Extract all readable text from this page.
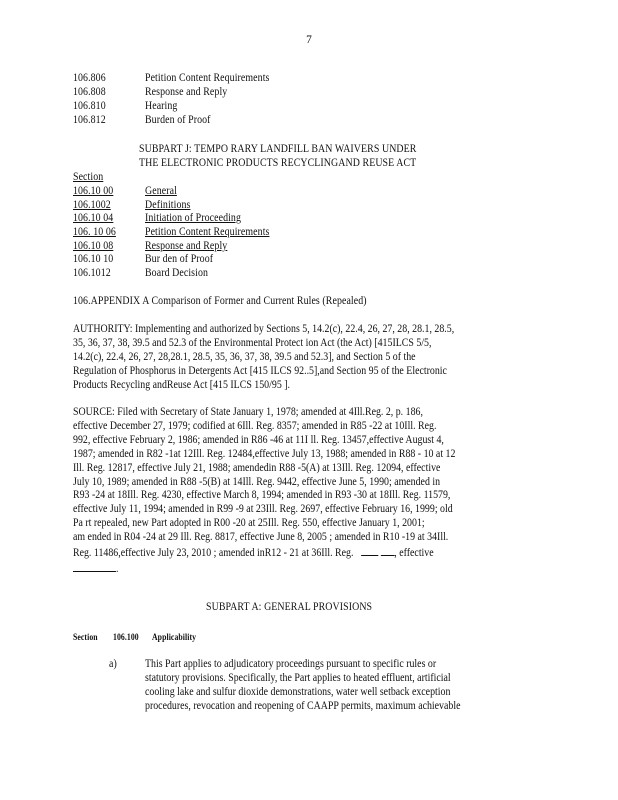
7
106.806	Petition Content Requirements
106.808	Response and Reply
106.810	Hearing
106.812	Burden of Proof
SUBPART J: TEMPO RARY LANDFILL BAN WAIVERS UNDER
THE ELECTRONIC PRODUCTS RECYCLINGAND REUSE ACT
Section
106.10 00	General
106.1002	Definitions
106.10 04	Initiation of Proceeding
106. 10 06	Petition Content Requirements
106.10 08	Response and Reply
106.10 10	Bur den of Proof
106.1012	Board Decision
106.APPENDIX A Comparison of Former and Current Rules (Repealed)
AUTHORITY: Implementing and authorized by Sections 5, 14.2(c), 22.4, 26, 27, 28, 28.1, 28.5,
35, 36, 37, 38, 39.5 and 52.3 of the Environmental Protect ion Act (the Act) [415ILCS 5/5,
14.2(c), 22.4, 26, 27, 28,28.1, 28.5, 35, 36, 37, 38, 39.5 and 52.3], and Section 5 of the
Regulation of Phosphorus in Detergents Act [415 ILCS 92..5],and Section 95 of the Electronic
Products Recycling andReuse Act [415 ILCS 150/95 ].
SOURCE: Filed with Secretary of State January 1, 1978; amended at 4Ill.Reg. 2, p. 186,
effective December 27, 1979; codified at 6Ill. Reg. 8357; amended in R85 -22 at 10Ill. Reg.
992, effective February 2, 1986; amended in R86 -46 at 11I ll. Reg. 13457,effective August 4,
1987; amended in R82 -1at 12Ill. Reg. 12484,effective July 13, 1988; amended in R88 - 10 at 12
Ill. Reg. 12817, effective July 21, 1988; amendedin R88 -5(A) at 13Ill. Reg. 12094, effective
July 10, 1989; amended in R88 -5(B) at 14Ill. Reg. 9442, effective June 5, 1990; amended in
R93 -24 at 18Ill. Reg. 4230, effective March 8, 1994; amended in R93 -30 at 18Ill. Reg. 11579,
effective July 11, 1994; amended in R99 -9 at 23Ill. Reg. 2697, effective February 16, 1999; old
Pa rt repealed, new Part adopted in R00 -20 at 25Ill. Reg. 550, effective January 1, 2001;
am ended in R04 -24 at 29 Ill. Reg. 8817, effective June 8, 2005 ; amended in R10 -19 at 34Ill.
Reg. 11486,effective July 23, 2010 ; amended inR12 - 21 at 36Ill. Reg.	, effective
.
SUBPART A: GENERAL PROVISIONS
Section 106.100 Applicability
a) This Part applies to adjudicatory proceedings pursuant to specific rules or
statutory provisions. Specifically, the Part applies to heated effluent, artificial
cooling lake and sulfur dioxide demonstrations, water well setback exception
procedures, revocation and reopening of CAAPP permits, maximum achievable
